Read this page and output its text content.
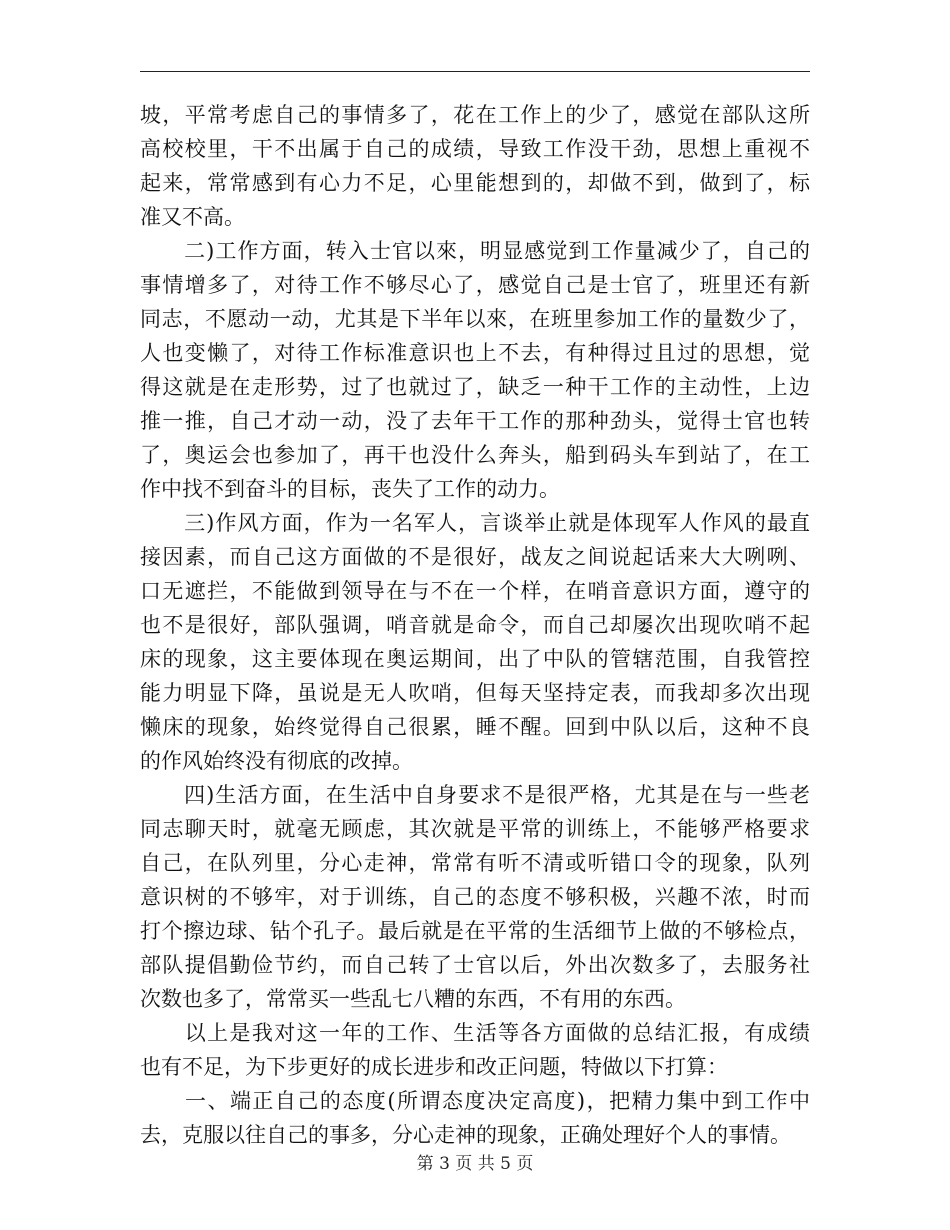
坡，平常考虑自己的事情多了，花在工作上的少了，感觉在部队这所
高校校里，干不出属于自己的成绩，导致工作没干劲，思想上重视不
起来，常常感到有心力不足，心里能想到的，却做不到，做到了，标
准又不高。
　　二)工作方面，转入士官以來，明显感觉到工作量减少了，自己的
事情增多了，对待工作不够尽心了，感觉自己是士官了，班里还有新
同志，不愿动一动，尤其是下半年以來，在班里参加工作的量数少了，
人也变懒了，对待工作标准意识也上不去，有种得过且过的思想，觉
得这就是在走形势，过了也就过了，缺乏一种干工作的主动性，上边
推一推，自己才动一动，没了去年干工作的那种劲头，觉得士官也转
了，奥运会也参加了，再干也没什么奔头，船到码头车到站了，在工
作中找不到奋斗的目标，丧失了工作的动力。
　　三)作风方面，作为一名军人，言谈举止就是体现军人作风的最直
接因素，而自己这方面做的不是很好，战友之间说起话来大大咧咧、
口无遮拦，不能做到领导在与不在一个样，在哨音意识方面，遵守的
也不是很好，部队强调，哨音就是命令，而自己却屡次出现吹哨不起
床的现象，这主要体现在奥运期间，出了中队的管辖范围，自我管控
能力明显下降，虽说是无人吹哨，但每天坚持定表，而我却多次出现
懒床的现象，始终觉得自己很累，睡不醒。回到中队以后，这种不良
的作风始终没有彻底的改掉。
　　四)生活方面，在生活中自身要求不是很严格，尤其是在与一些老
同志聊天时，就毫无顾虑，其次就是平常的训练上，不能够严格要求
自己，在队列里，分心走神，常常有听不清或听错口令的现象，队列
意识树的不够牢，对于训练，自己的态度不够积极，兴趣不浓，时而
打个擦边球、钻个孔子。最后就是在平常的生活细节上做的不够检点，
部队提倡勤俭节约，而自己转了士官以后，外出次数多了，去服务社
次数也多了，常常买一些乱七八糟的东西，不有用的东西。
　　以上是我对这一年的工作、生活等各方面做的总结汇报，有成绩
也有不足，为下步更好的成长进步和改正问题，特做以下打算：
　　一、端正自己的态度(所谓态度决定高度)，把精力集中到工作中
去，克服以往自己的事多，分心走神的现象，正确处理好个人的事情。
第 3 页 共 5 页
